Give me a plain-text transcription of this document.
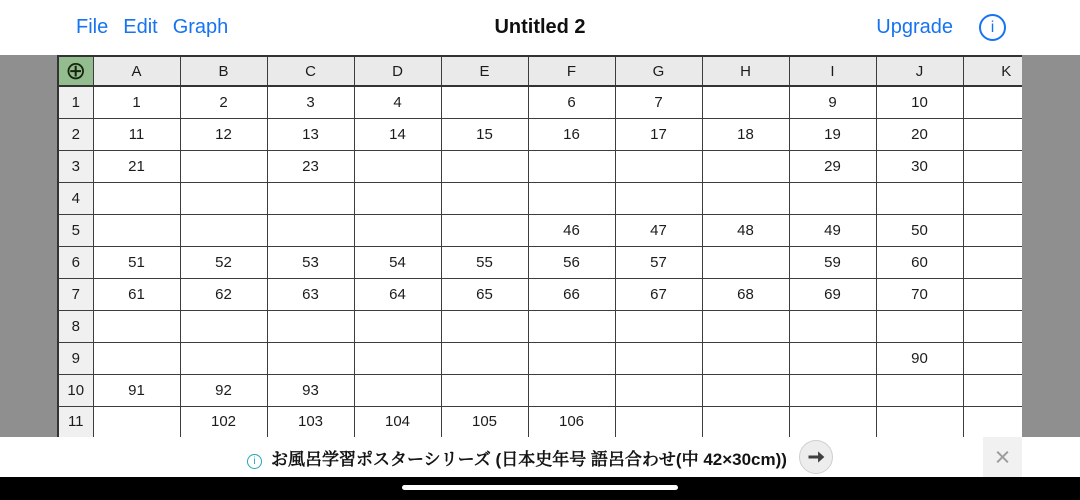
File Edit Graph	Untitled 2	Upgrade	i
⊕	A	B	C	D	E	F	G	H	I	J	K
1	1	2	3	4		6	7		9	10	
2	11	12	13	14	15	16	17	18	19	20	
3	21		23						29	30	
4											
5						46	47	48	49	50	
6	51	52	53	54	55	56	57		59	60	
7	61	62	63	64	65	66	67	68	69	70	
8											
9										90	
10	91	92	93								
11		102	103	104	105	106					
i お風呂学習ポスターシリーズ (日本史年号 語呂合わせ(中 42×30cm))	×
